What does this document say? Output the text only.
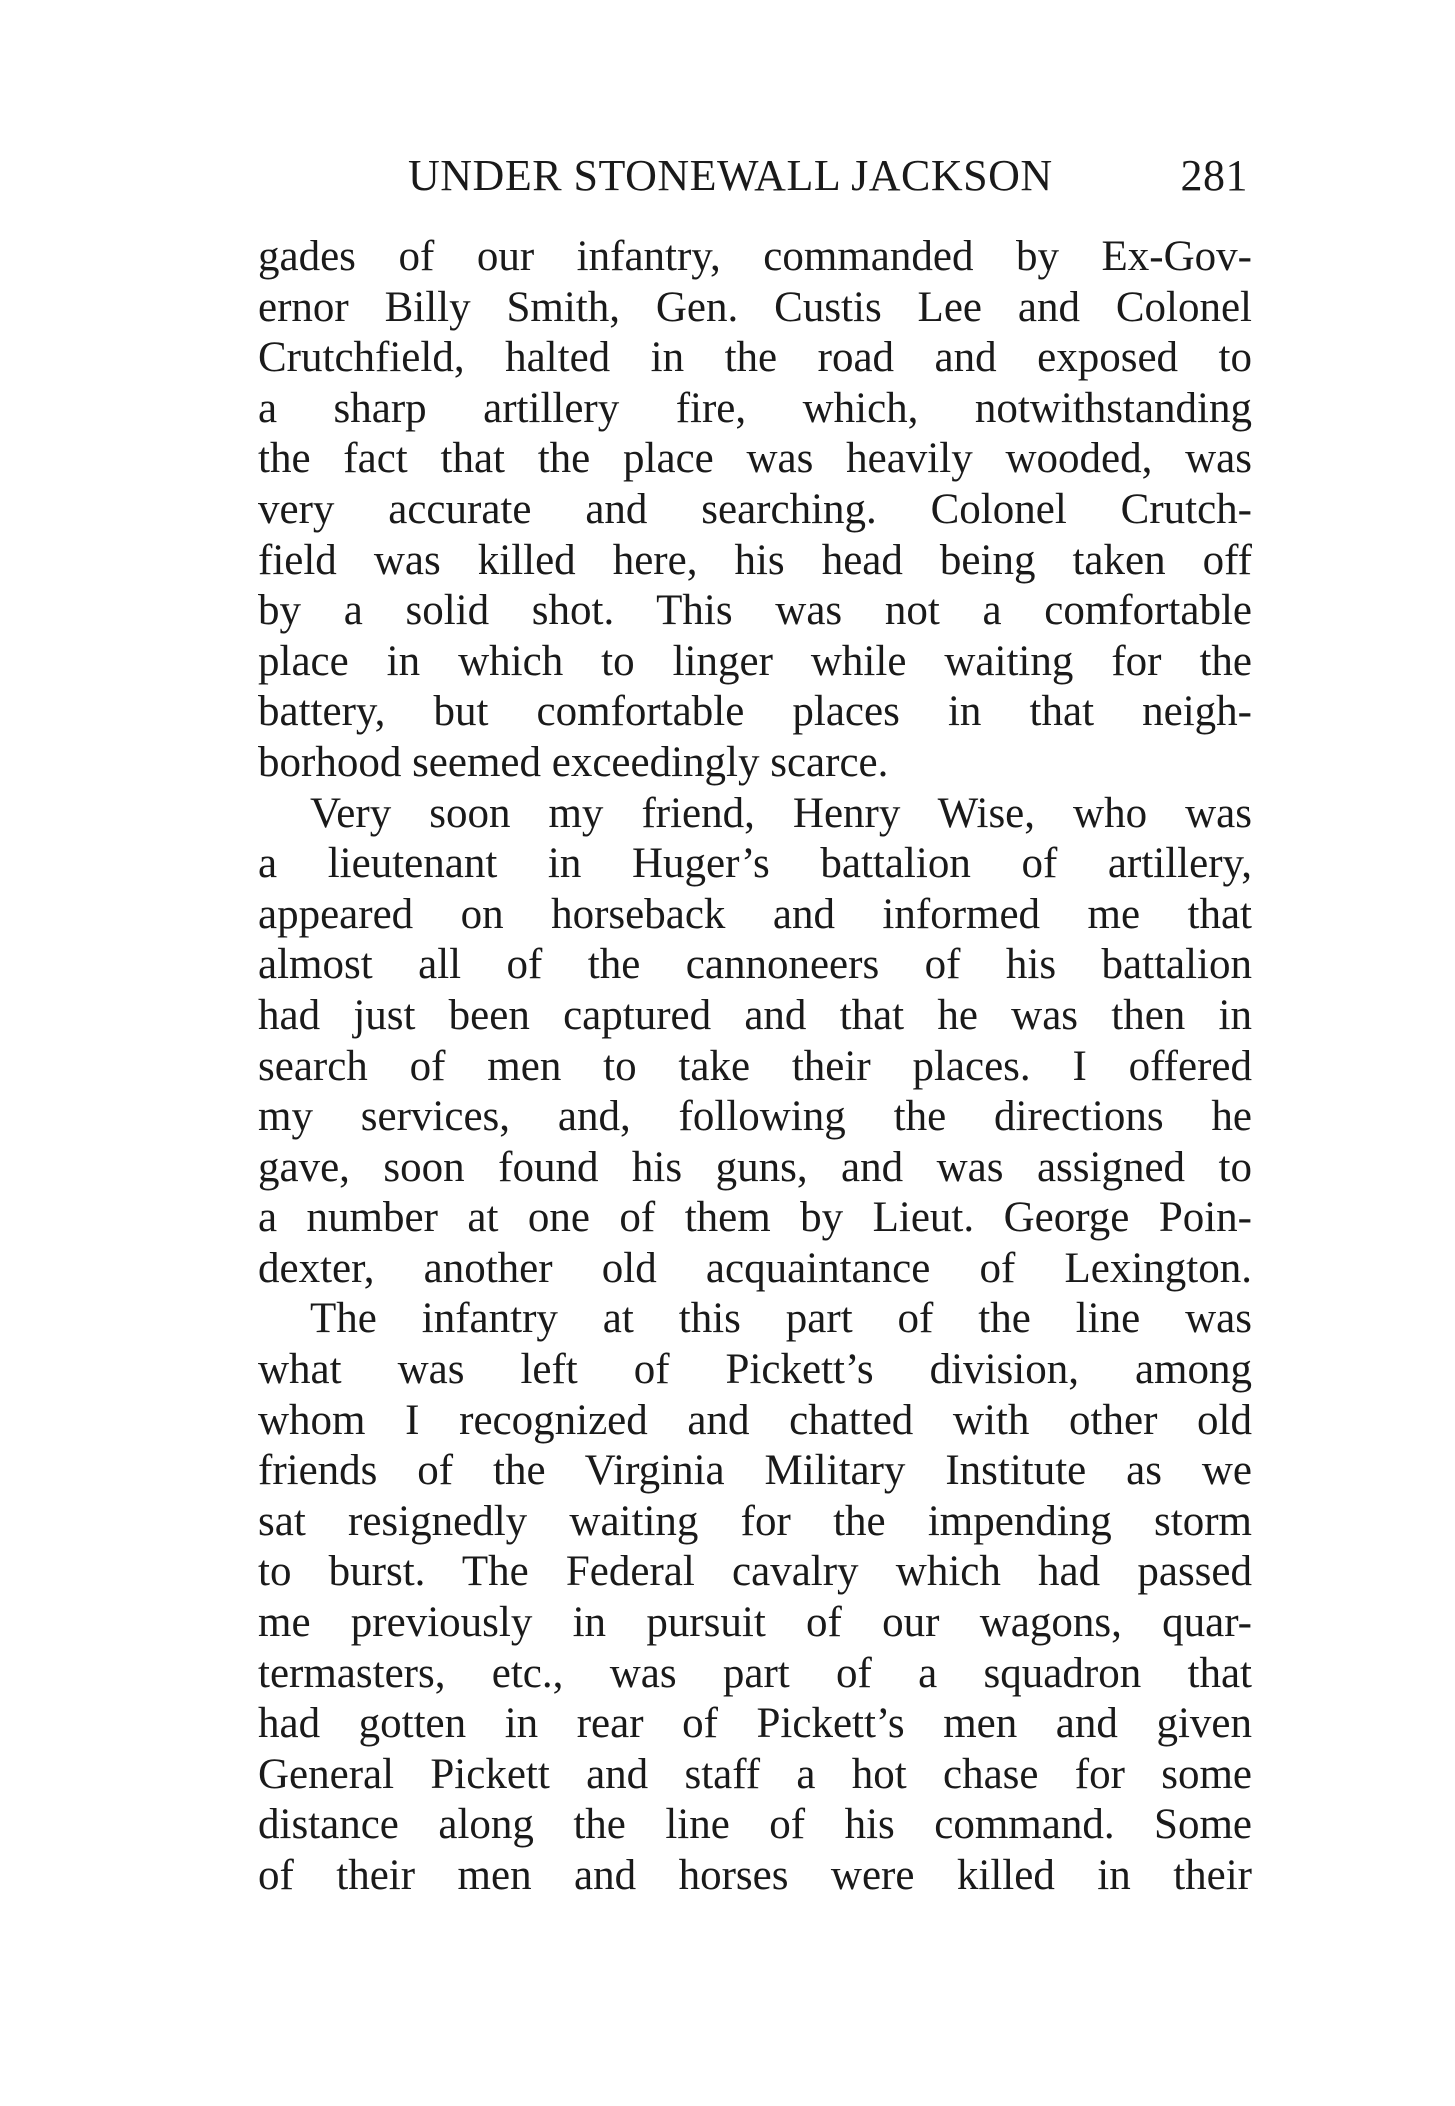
UNDER STONEWALL JACKSON	281
gades of our infantry, commanded by Ex-Gov-
ernor Billy Smith, Gen. Custis Lee and Colonel
Crutchfield, halted in the road and exposed to
a sharp artillery fire, which, notwithstanding
the fact that the place was heavily wooded, was
very accurate and searching. Colonel Crutch-
field was killed here, his head being taken off
by a solid shot. This was not a comfortable
place in which to linger while waiting for the
battery, but comfortable places in that neigh-
borhood seemed exceedingly scarce.
Very soon my friend, Henry Wise, who was
a lieutenant in Huger’s battalion of artillery,
appeared on horseback and informed me that
almost all of the cannoneers of his battalion
had just been captured and that he was then in
search of men to take their places. I offered
my services, and, following the directions he
gave, soon found his guns, and was assigned to
a number at one of them by Lieut. George Poin-
dexter, another old acquaintance of Lexington.
The infantry at this part of the line was
what was left of Pickett’s division, among
whom I recognized and chatted with other old
friends of the Virginia Military Institute as we
sat resignedly waiting for the impending storm
to burst. The Federal cavalry which had passed
me previously in pursuit of our wagons, quar-
termasters, etc., was part of a squadron that
had gotten in rear of Pickett’s men and given
General Pickett and staff a hot chase for some
distance along the line of his command. Some
of their men and horses were killed in their
